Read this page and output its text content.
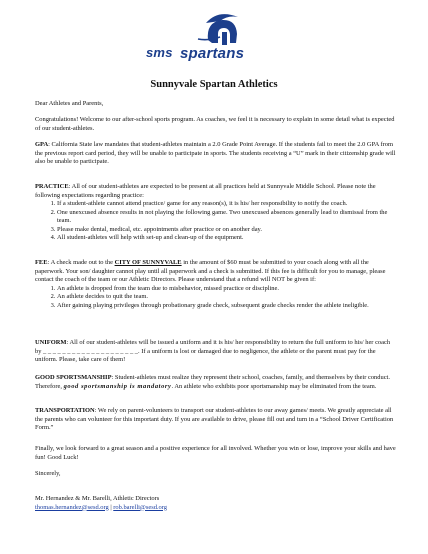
sms spartans
Sunnyvale Spartan Athletics

Dear Athletes and Parents,

Congratulations! Welcome to our after-school sports program. As coaches, we feel it is necessary to explain in some detail what is expected of our student-athletes.

GPA: California State law mandates that student-athletes maintain a 2.0 Grade Point Average. If the students fail to meet the 2.0 GPA from the previous report card period, they will be unable to participate in sports. The students receiving a “U” mark in their citizenship grade will also be unable to participate.

PRACTICE: All of our student-athletes are expected to be present at all practices held at Sunnyvale Middle School. Please note the following expectations regarding practice:

1. If a student-athlete cannot attend practice/ game for any reason(s), it is his/ her responsibility to notify the coach.
2. One unexcused absence results in not playing the following game. Two unexcused absences generally lead to dismissal from the team.
3. Please make dental, medical, etc. appointments after practice or on another day.
4. All student-athletes will help with set-up and clean-up of the equipment.

FEE: A check made out to the CITY OF SUNNYVALE in the amount of $60 must be submitted to your coach along with all the paperwork. Your son/ daughter cannot play until all paperwork and a check is submitted. If this fee is difficult for you to manage, please contact the coach of the team or our Athletic Directors. Please understand that a refund will NOT be given if:

1. An athlete is dropped from the team due to misbehavior, missed practice or discipline.
2. An athlete decides to quit the team.
3. After gaining playing privileges through probationary grade check, subsequent grade checks render the athlete ineligible.

UNIFORM: All of our student-athletes will be issued a uniform and it is his/ her responsibility to return the full uniform to his/ her coach by _ _ _ _ _ _ _ _ _ _ _ _ _ _ _ _ _ _ _ _. If a uniform is lost or damaged due to negligence, the athlete or the parent must pay for the uniform. Please, take care of them!

GOOD SPORTSMANSHIP: Student-athletes must realize they represent their school, coaches, family, and themselves by their conduct. Therefore, good sportsmanship is mandatory. An athlete who exhibits poor sportsmanship may be eliminated from the team.

TRANSPORTATION: We rely on parent-volunteers to transport our student-athletes to our away games/ meets. We greatly appreciate all the parents who can volunteer for this important duty. If you are available to drive, please fill out and turn in a “School Driver Certification Form.”

Finally, we look forward to a great season and a positive experience for all involved. Whether you win or lose, improve your skills and have fun! Good Luck!

Sincerely,

Mr. Hernandez & Mr. Barelli, Athletic Directors

thomas.hernandez@sesd.org | rob.barelli@sesd.org
